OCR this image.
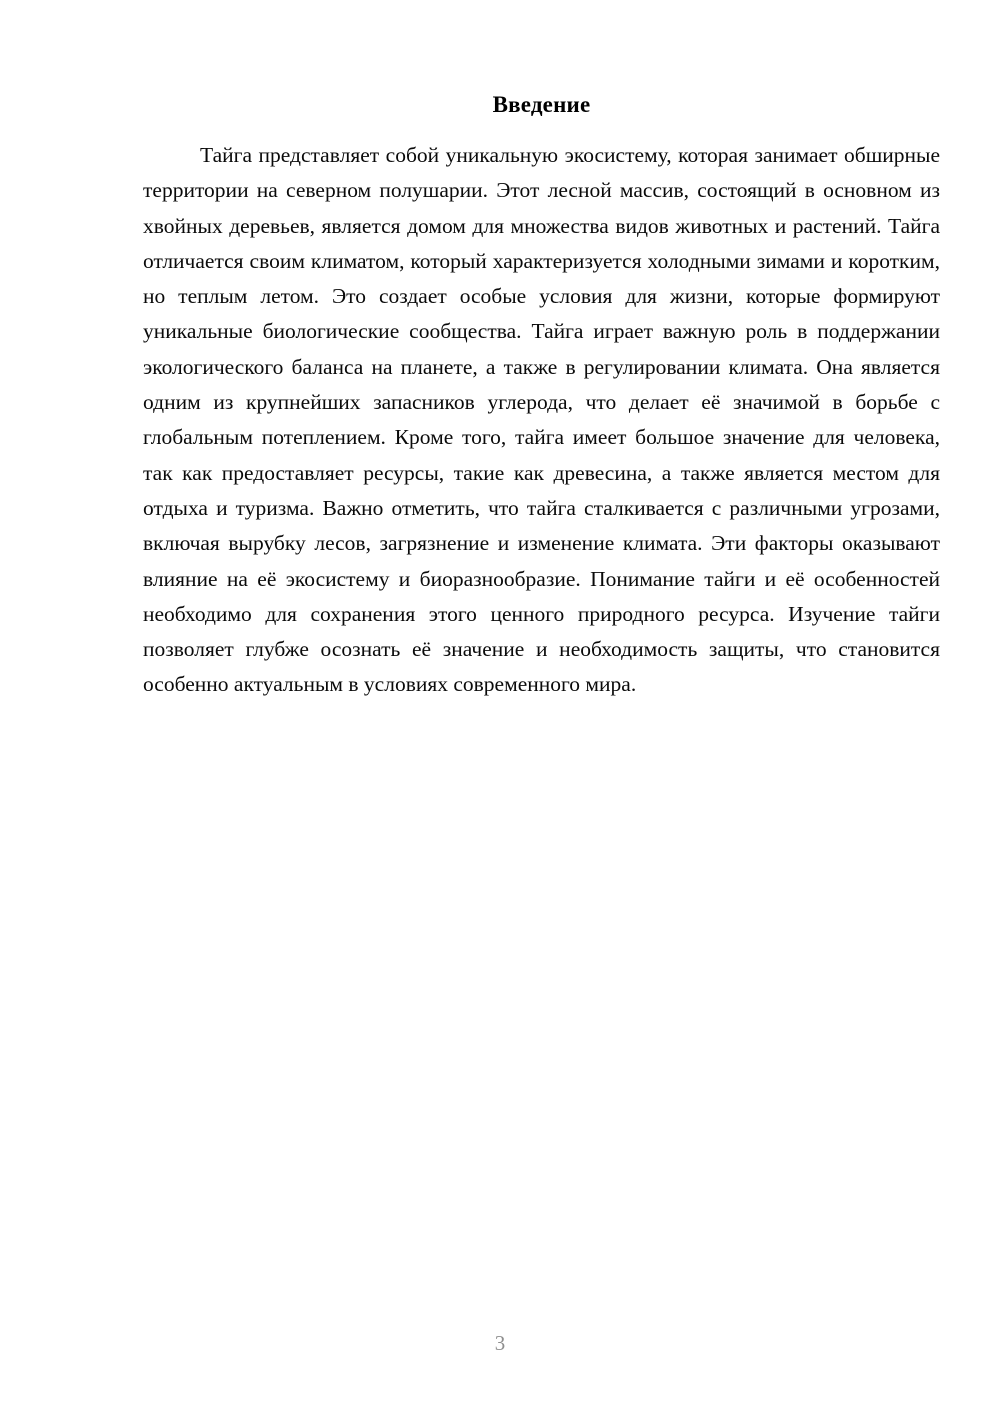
Введение

Тайга представляет собой уникальную экосистему, которая занимает обширные территории на северном полушарии. Этот лесной массив, состоящий в основном из хвойных деревьев, является домом для множества видов животных и растений. Тайга отличается своим климатом, который характеризуется холодными зимами и коротким, но теплым летом. Это создает особые условия для жизни, которые формируют уникальные биологические сообщества. Тайга играет важную роль в поддержании экологического баланса на планете, а также в регулировании климата. Она является одним из крупнейших запасников углерода, что делает её значимой в борьбе с глобальным потеплением. Кроме того, тайга имеет большое значение для человека, так как предоставляет ресурсы, такие как древесина, а также является местом для отдыха и туризма. Важно отметить, что тайга сталкивается с различными угрозами, включая вырубку лесов, загрязнение и изменение климата. Эти факторы оказывают влияние на её экосистему и биоразнообразие. Понимание тайги и её особенностей необходимо для сохранения этого ценного природного ресурса. Изучение тайги позволяет глубже осознать её значение и необходимость защиты, что становится особенно актуальным в условиях современного мира.

3
